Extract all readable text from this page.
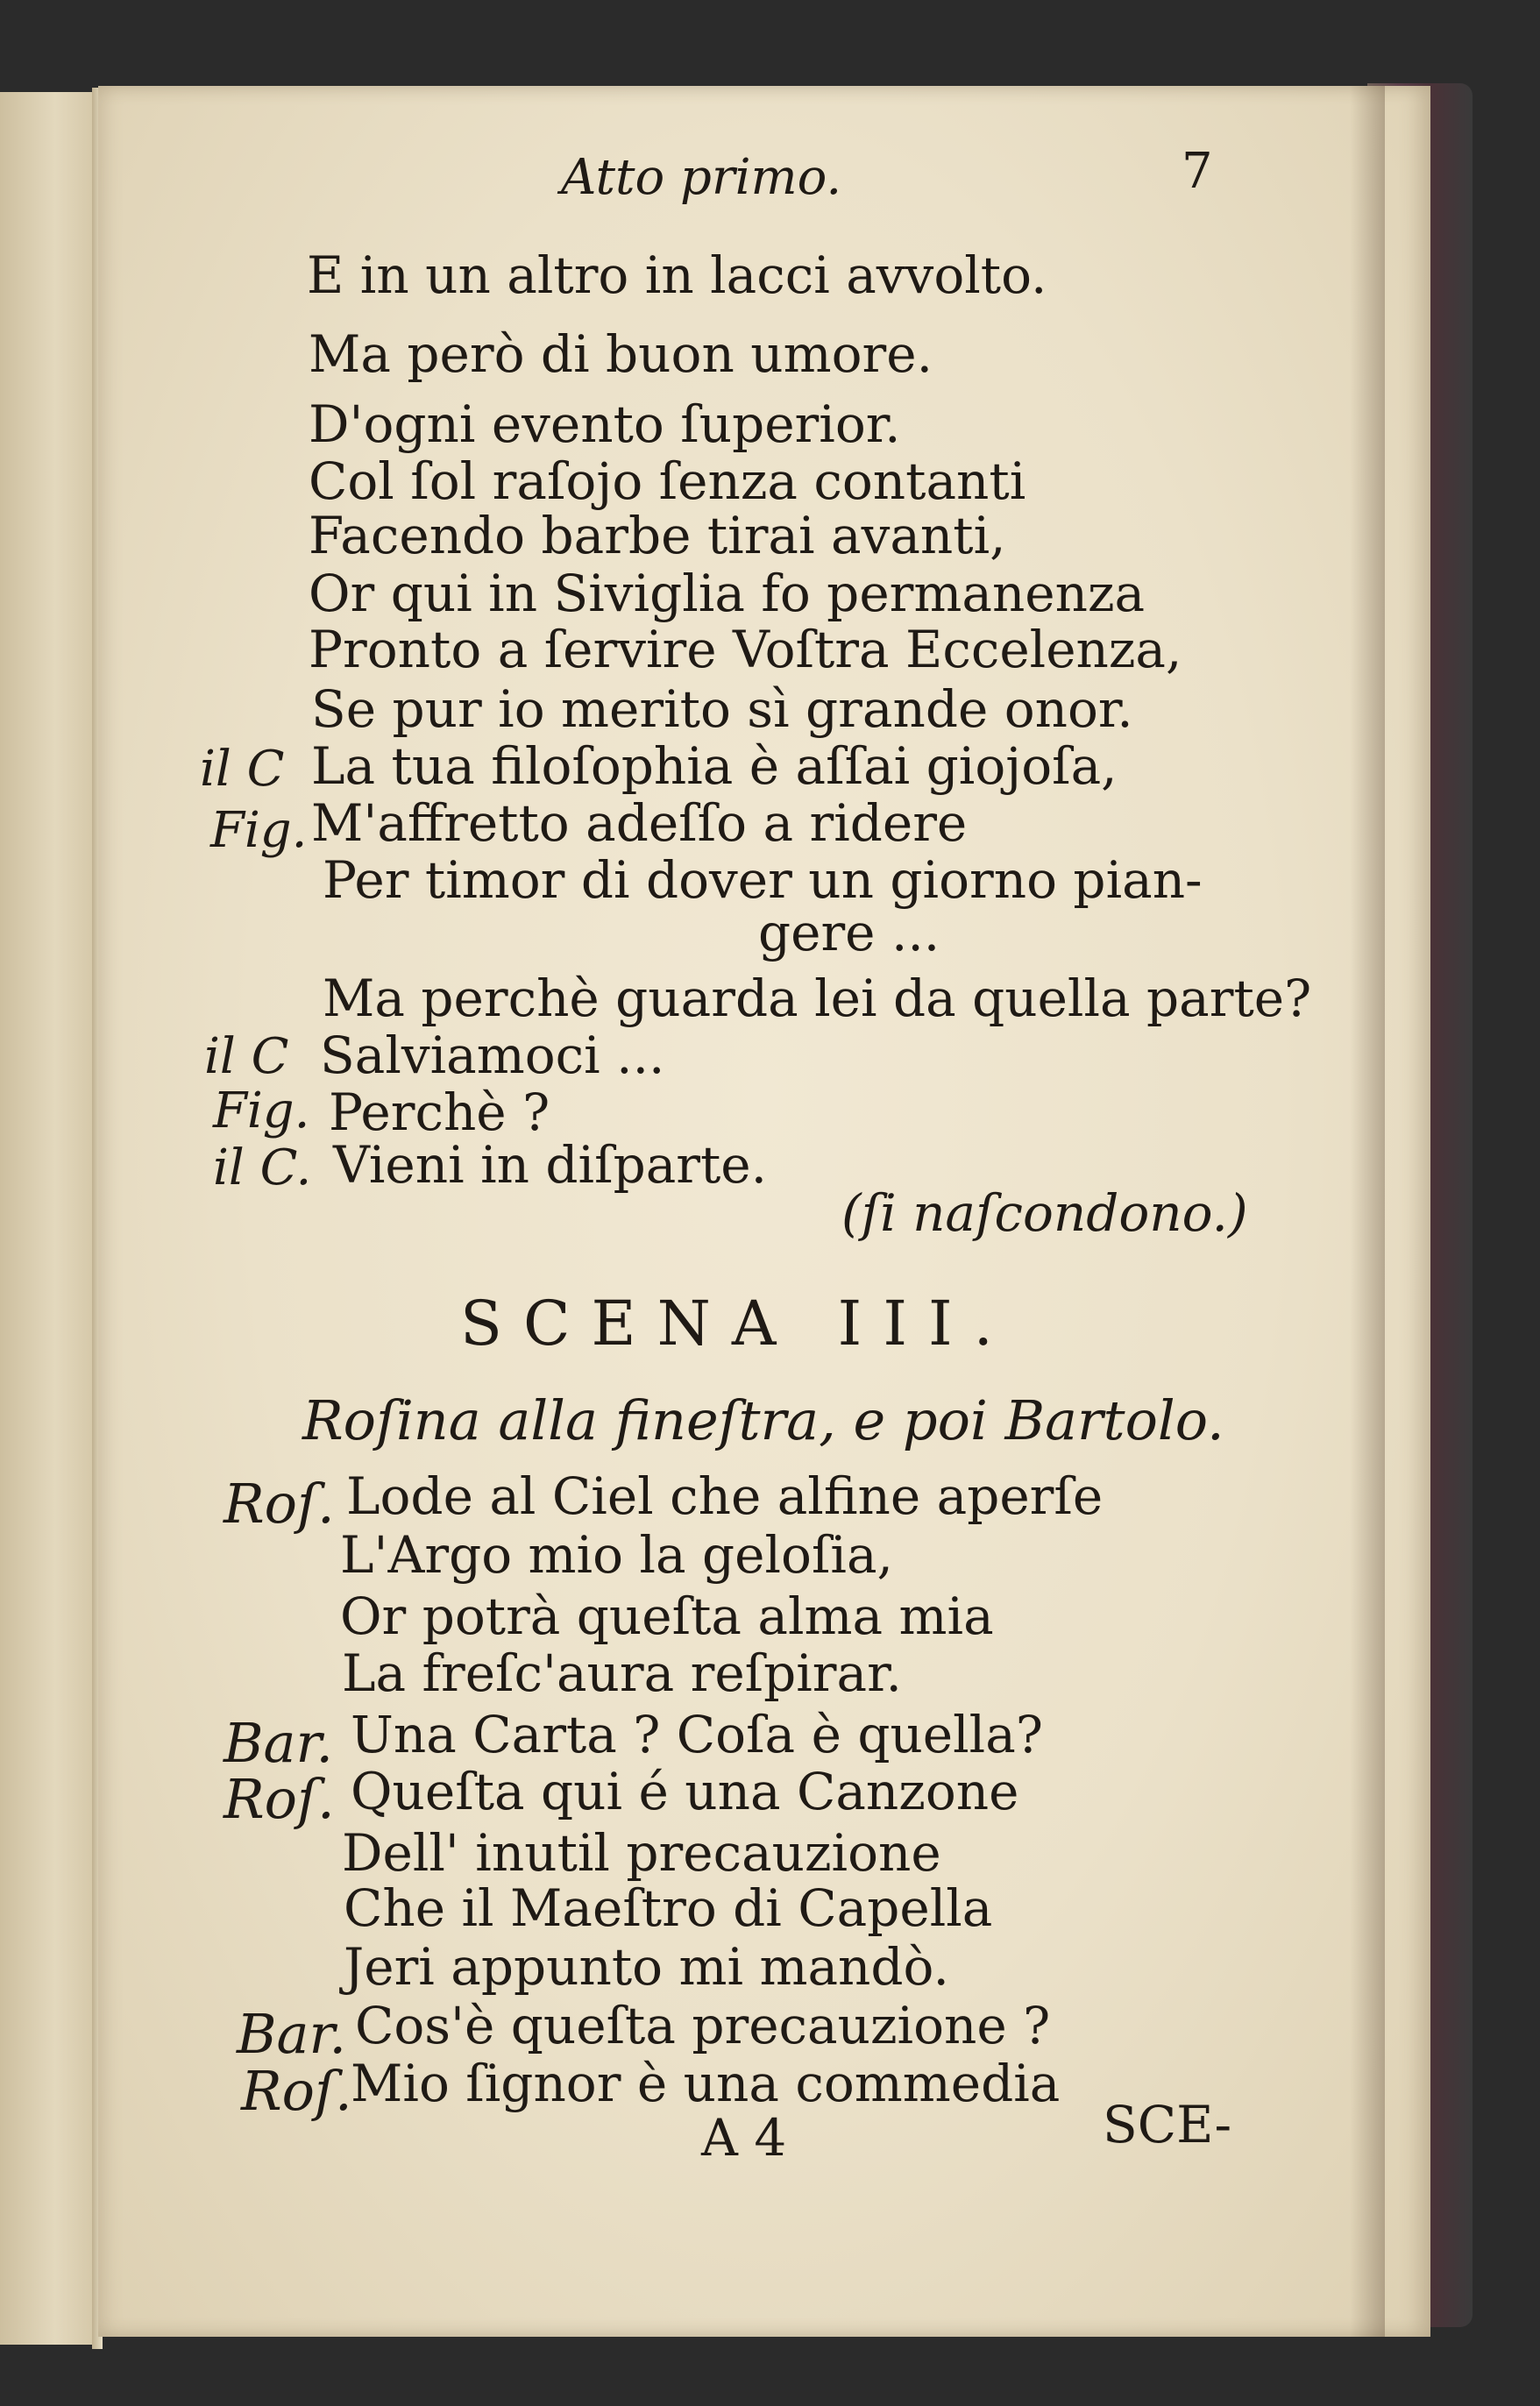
Atto primo.	7
E in un altro in lacci avvolto.
Ma però di buon umore.
D'ogni evento ſuperior.
Col ſol raſojo ſenza contanti
Facendo barbe tirai avanti,
Or qui in Siviglia fo permanenza
Pronto a ſervire Voſtra Eccelenza,
Se pur io merito sì grande onor.
il C La tua filoſophia è aſſai giojoſa,
Fig. M'affretto adeſſo a ridere
Per timor di dover un giorno pian-
gere ...
Ma perchè guarda lei da quella parte?
il C Salviamoci ...
Fig. Perchè ?
il C. Vieni in diſparte.
(ſi naſcondono.)
SCENA III.
Roſina alla fineſtra, e poi Bartolo.
Roſ. Lode al Ciel che alfine aperſe
L'Argo mio la geloſia,
Or potrà queſta alma mia
La freſc'aura reſpirar.
Bar. Una Carta ? Coſa è quella?
Roſ. Queſta qui é una Canzone
Dell' inutil precauzione
Che il Maeſtro di Capella
Jeri appunto mi mandò.
Bar. Cos'è queſta precauzione ?
Roſ.
Mio ſignor è una commedia
A 4	SCE-
